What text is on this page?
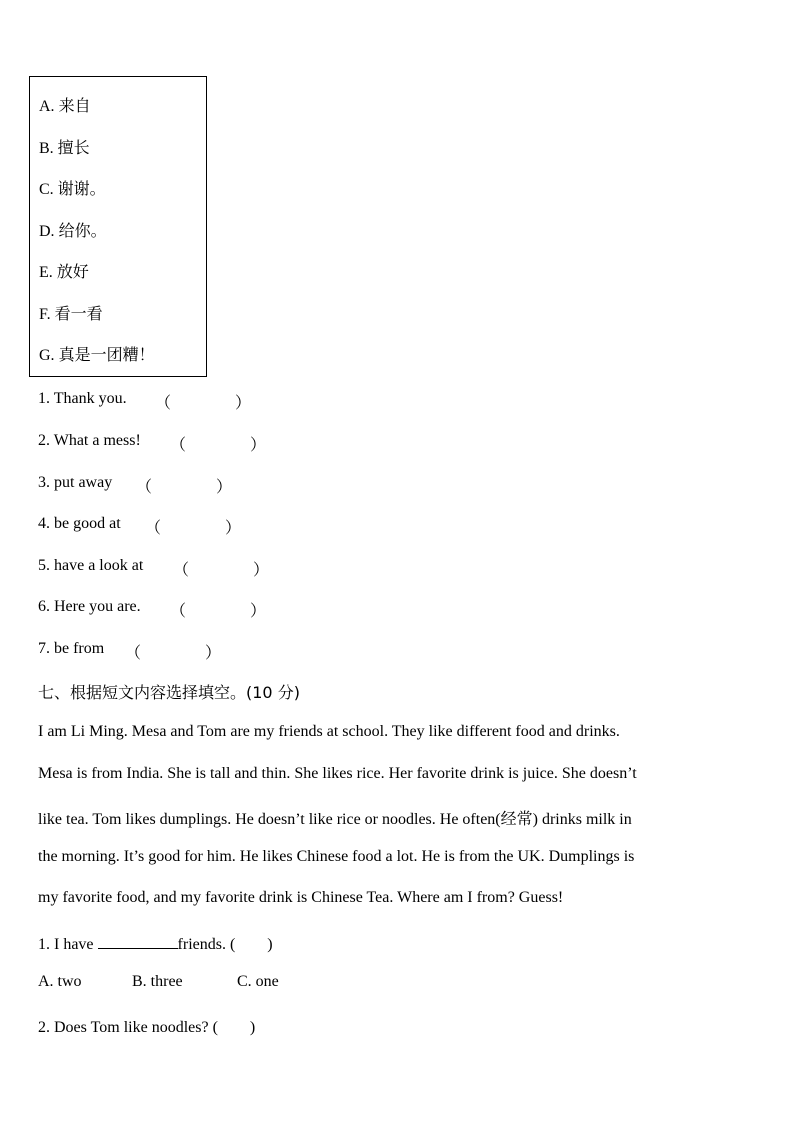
A. 来自
B. 擅长
C. 谢谢。
D. 给你。
E. 放好
F. 看一看
G. 真是一团糟！
1. Thank you. （　　　　）
2. What a mess! （　　　　）
3. put away （　　　　）
4. be good at （　　　　）
5. have a look at （　　　　）
6. Here you are. （　　　　）
7. be from （　　　　）
七、根据短文内容选择填空。(10 分)
I am Li Ming. Mesa and Tom are my friends at school. They like different food and drinks.
Mesa is from India. She is tall and thin. She likes rice. Her favorite drink is juice. She doesn’t
like tea. Tom likes dumplings. He doesn’t like rice or noodles. He often(经常) drinks milk in
the morning. It’s good for him. He likes Chinese food a lot. He is from the UK. Dumplings is
my favorite food, and my favorite drink is Chinese Tea. Where am I from? Guess!
1. I have	friends. (　　)
A. two	B. three	C. one
2. Does Tom like noodles? (　　)
